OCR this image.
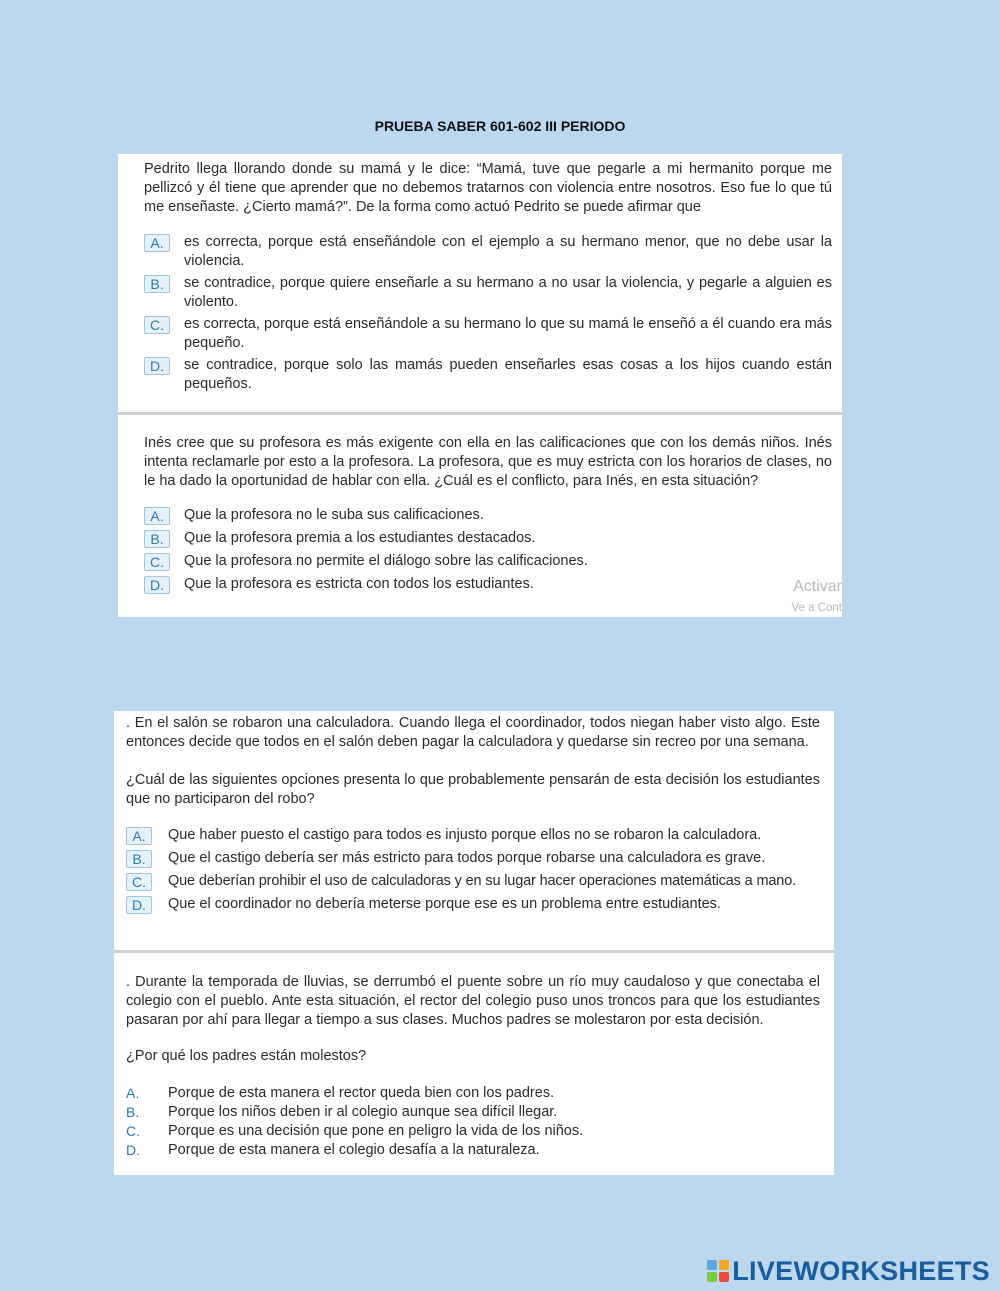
PRUEBA SABER 601-602 III PERIODO

Pedrito llega llorando donde su mamá y le dice: “Mamá, tuve que pegarle a mi hermanito porque me pellizcó y él tiene que aprender que no debemos tratarnos con violencia entre nosotros. Eso fue lo que tú me enseñaste. ¿Cierto mamá?”. De la forma como actuó Pedrito se puede afirmar que

A.	es correcta, porque está enseñándole con el ejemplo a su hermano menor, que no debe usar la violencia.
B.	se contradice, porque quiere enseñarle a su hermano a no usar la violencia, y pegarle a alguien es violento.
C.	es correcta, porque está enseñándole a su hermano lo que su mamá le enseñó a él cuando era más pequeño.
D.	se contradice, porque solo las mamás pueden enseñarles esas cosas a los hijos cuando están pequeños.

Inés cree que su profesora es más exigente con ella en las calificaciones que con los demás niños. Inés intenta reclamarle por esto a la profesora. La profesora, que es muy estricta con los horarios de clases, no le ha dado la oportunidad de hablar con ella. ¿Cuál es el conflicto, para Inés, en esta situación?

A.	Que la profesora no le suba sus calificaciones.
B.	Que la profesora premia a los estudiantes destacados.
C.	Que la profesora no permite el diálogo sobre las calificaciones.
D.	Que la profesora es estricta con todos los estudiantes.	Activar
Ve a Cont

. En el salón se robaron una calculadora. Cuando llega el coordinador, todos niegan haber visto algo. Este entonces decide que todos en el salón deben pagar la calculadora y quedarse sin recreo por una semana.

¿Cuál de las siguientes opciones presenta lo que probablemente pensarán de esta decisión los estudiantes que no participaron del robo?

A.	Que haber puesto el castigo para todos es injusto porque ellos no se robaron la calculadora.
B.	Que el castigo debería ser más estricto para todos porque robarse una calculadora es grave.
C.	Que deberían prohibir el uso de calculadoras y en su lugar hacer operaciones matemáticas a mano.
D.	Que el coordinador no debería meterse porque ese es un problema entre estudiantes.

. Durante la temporada de lluvias, se derrumbó el puente sobre un río muy caudaloso y que conectaba el colegio con el pueblo. Ante esta situación, el rector del colegio puso unos troncos para que los estudiantes pasaran por ahí para llegar a tiempo a sus clases. Muchos padres se molestaron por esta decisión.

¿Por qué los padres están molestos?

A.	Porque de esta manera el rector queda bien con los padres.
B.	Porque los niños deben ir al colegio aunque sea difícil llegar.
C.	Porque es una decisión que pone en peligro la vida de los niños.
D.	Porque de esta manera el colegio desafía a la naturaleza.
LIVEWORKSHEETS
